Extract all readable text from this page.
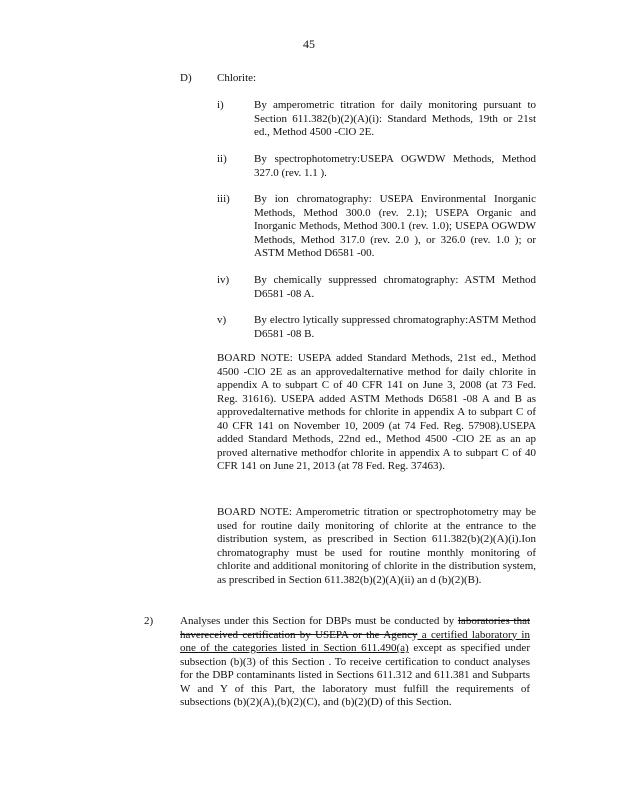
45
D) Chlorite:
i)	By amperometric titration for daily monitoring pursuant to Section 611.382(b)(2)(A)(i): Standard Methods, 19th or 21st ed., Method 4500 -ClO 2E.
ii) By spectrophotometry:USEPA OGWDW Methods, Method 327.0 (rev. 1.1 ).
iii) By ion chromatography: USEPA Environmental Inorganic Methods, Method 300.0 (rev. 2.1); USEPA Organic and Inorganic Methods, Method 300.1 (rev. 1.0); USEPA OGWDW Methods, Method 317.0 (rev. 2.0 ), or 326.0 (rev. 1.0 ); or ASTM Method D6581 -00.
iv) By chemically suppressed chromatography: ASTM Method D6581 -08 A.
v)	By electro lytically suppressed chromatography:ASTM Method D6581 -08 B.
BOARD NOTE: USEPA added Standard Methods, 21st ed., Method 4500 -ClO 2E as an approvedalternative method for daily chlorite in appendix A to subpart C of 40 CFR 141 on June 3, 2008 (at 73 Fed. Reg. 31616). USEPA added ASTM Methods D6581 -08 A and B as approvedalternative methods for chlorite in appendix A to subpart C of 40 CFR 141 on November 10, 2009 (at 74 Fed. Reg. 57908).USEPA added Standard Methods, 22nd ed., Method 4500 -ClO 2E as an ap proved alternative methodfor chlorite in appendix A to subpart C of 40 CFR 141 on June 21, 2013 (at 78 Fed. Reg. 37463).
BOARD NOTE: Amperometric titration or spectrophotometry may be used for routine daily monitoring of chlorite at the entrance to the distribution system, as prescribed in Section 611.382(b)(2)(A)(i).Ion chromatography must be used for routine monthly monitoring of chlorite and additional monitoring of chlorite in the distribution system, as prescribed in Section 611.382(b)(2)(A)(ii) an d (b)(2)(B).
2) Analyses under this Section for DBPs must be conducted by laboratories that havereceived certification by USEPA or the Agency a certified laboratory in one of the categories listed in Section 611.490(a) except as specified under subsection (b)(3) of this Section . To receive certification to conduct analyses for the DBP contaminants listed in Sections 611.312 and 611.381 and Subparts W and Y of this Part, the laboratory must fulfill the requirements of subsections (b)(2)(A),(b)(2)(C), and (b)(2)(D) of this Section.
